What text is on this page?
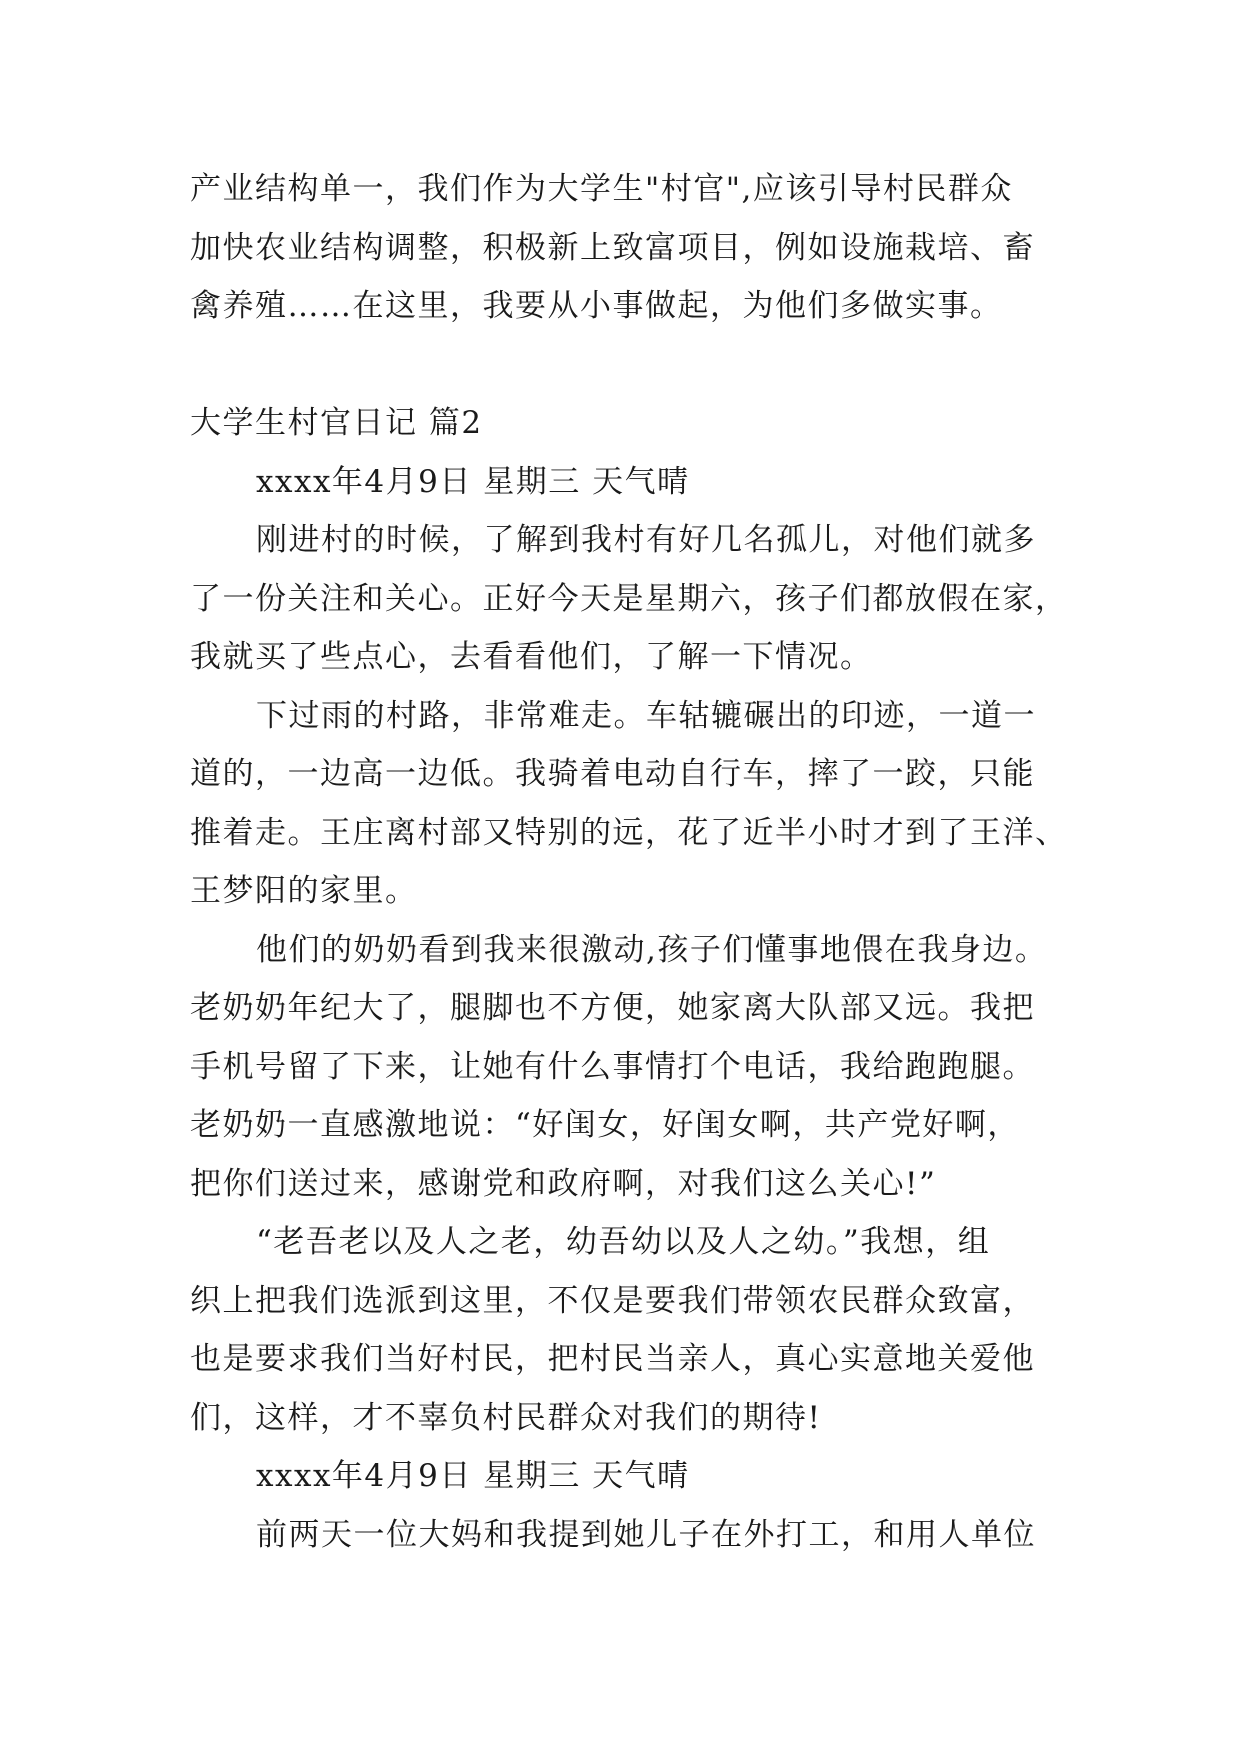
产业结构单一，我们作为大学生"村官",应该引导村民群众
加快农业结构调整，积极新上致富项目，例如设施栽培、畜
禽养殖……在这里，我要从小事做起，为他们多做实事。
大学生村官日记 篇2
xxxx年4月9日 星期三 天气晴
刚进村的时候，了解到我村有好几名孤儿，对他们就多
了一份关注和关心。正好今天是星期六，孩子们都放假在家，
我就买了些点心，去看看他们，了解一下情况。
下过雨的村路，非常难走。车轱辘碾出的印迹，一道一
道的，一边高一边低。我骑着电动自行车，摔了一跤，只能
推着走。王庄离村部又特别的远，花了近半小时才到了王洋、
王梦阳的家里。
他们的奶奶看到我来很激动,孩子们懂事地偎在我身边。
老奶奶年纪大了，腿脚也不方便，她家离大队部又远。我把
手机号留了下来，让她有什么事情打个电话，我给跑跑腿。
老奶奶一直感激地说：“好闺女，好闺女啊，共产党好啊，
把你们送过来，感谢党和政府啊，对我们这么关心!”
“老吾老以及人之老，幼吾幼以及人之幼。”我想，组
织上把我们选派到这里，不仅是要我们带领农民群众致富，
也是要求我们当好村民，把村民当亲人，真心实意地关爱他
们，这样，才不辜负村民群众对我们的期待!
xxxx年4月9日 星期三 天气晴
前两天一位大妈和我提到她儿子在外打工，和用人单位
